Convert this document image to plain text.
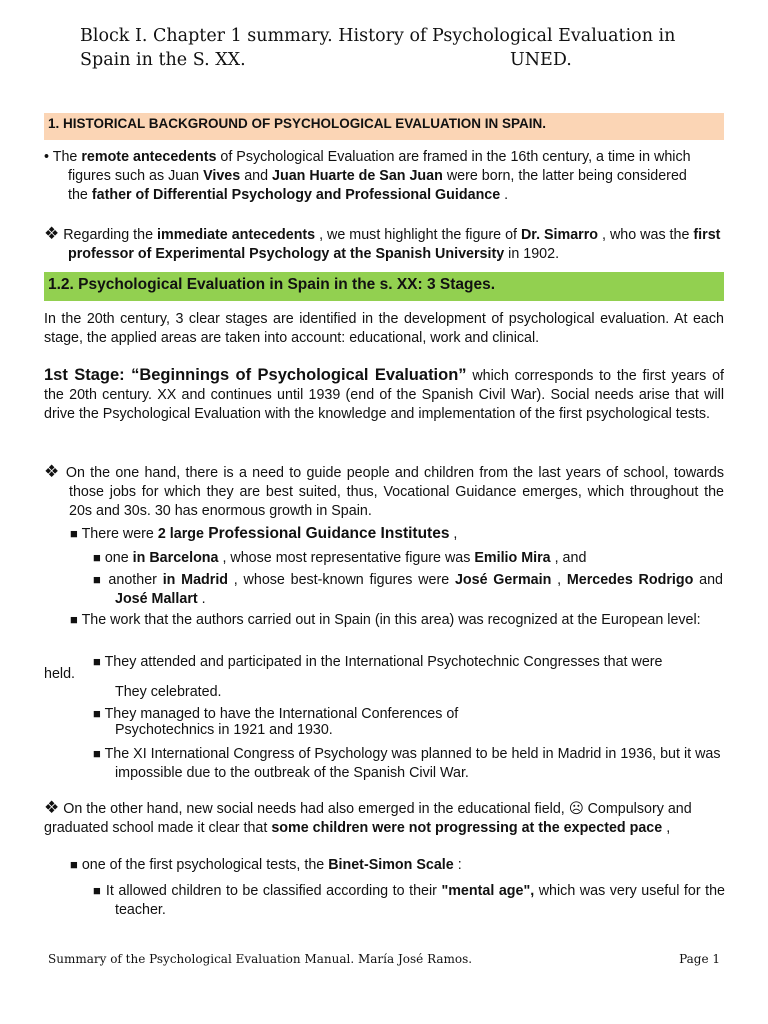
Block I. Chapter 1 summary. History of Psychological Evaluation in
Spain in the S. XX.	UNED.
1. HISTORICAL BACKGROUND OF PSYCHOLOGICAL EVALUATION IN SPAIN.
• The remote antecedents of Psychological Evaluation are framed in the 16th century, a time in which figures such as Juan Vives and Juan Huarte de San Juan were born, the latter being considered the father of Differential Psychology and Professional Guidance .
❖ Regarding the immediate antecedents , we must highlight the figure of Dr. Simarro , who was the first professor of Experimental Psychology at the Spanish University in 1902.
1.2. Psychological Evaluation in Spain in the s. XX: 3 Stages.
In the 20th century, 3 clear stages are identified in the development of psychological evaluation. At each stage, the applied areas are taken into account: educational, work and clinical.
1st Stage: “Beginnings of Psychological Evaluation” which corresponds to the first years of the 20th century. XX and continues until 1939 (end of the Spanish Civil War). Social needs arise that will drive the Psychological Evaluation with the knowledge and implementation of the first psychological tests.
❖ On the one hand, there is a need to guide people and children from the last years of school, towards those jobs for which they are best suited, thus, Vocational Guidance emerges, which throughout the 20s and 30s. 30 has enormous growth in Spain.
■ There were 2 large Professional Guidance Institutes ,
■ one in Barcelona , whose most representative figure was Emilio Mira , and
■ another in Madrid , whose best-known figures were José Germain , Mercedes Rodrigo and José Mallart .
■ The work that the authors carried out in Spain (in this area) was recognized at the European level:
■ They attended and participated in the International Psychotechnic Congresses that were
held.
They celebrated.
■ They managed to have the International Conferences of
Psychotechnics in 1921 and 1930.
■ The XI International Congress of Psychology was planned to be held in Madrid in 1936, but it was impossible due to the outbreak of the Spanish Civil War.
❖ On the other hand, new social needs had also emerged in the educational field, ☹ Compulsory and graduated school made it clear that some children were not progressing at the expected pace ,
■ one of the first psychological tests, the Binet-Simon Scale :
■ It allowed children to be classified according to their "mental age", which was very useful for the teacher.
Summary of the Psychological Evaluation Manual. María José Ramos.	Page 1
